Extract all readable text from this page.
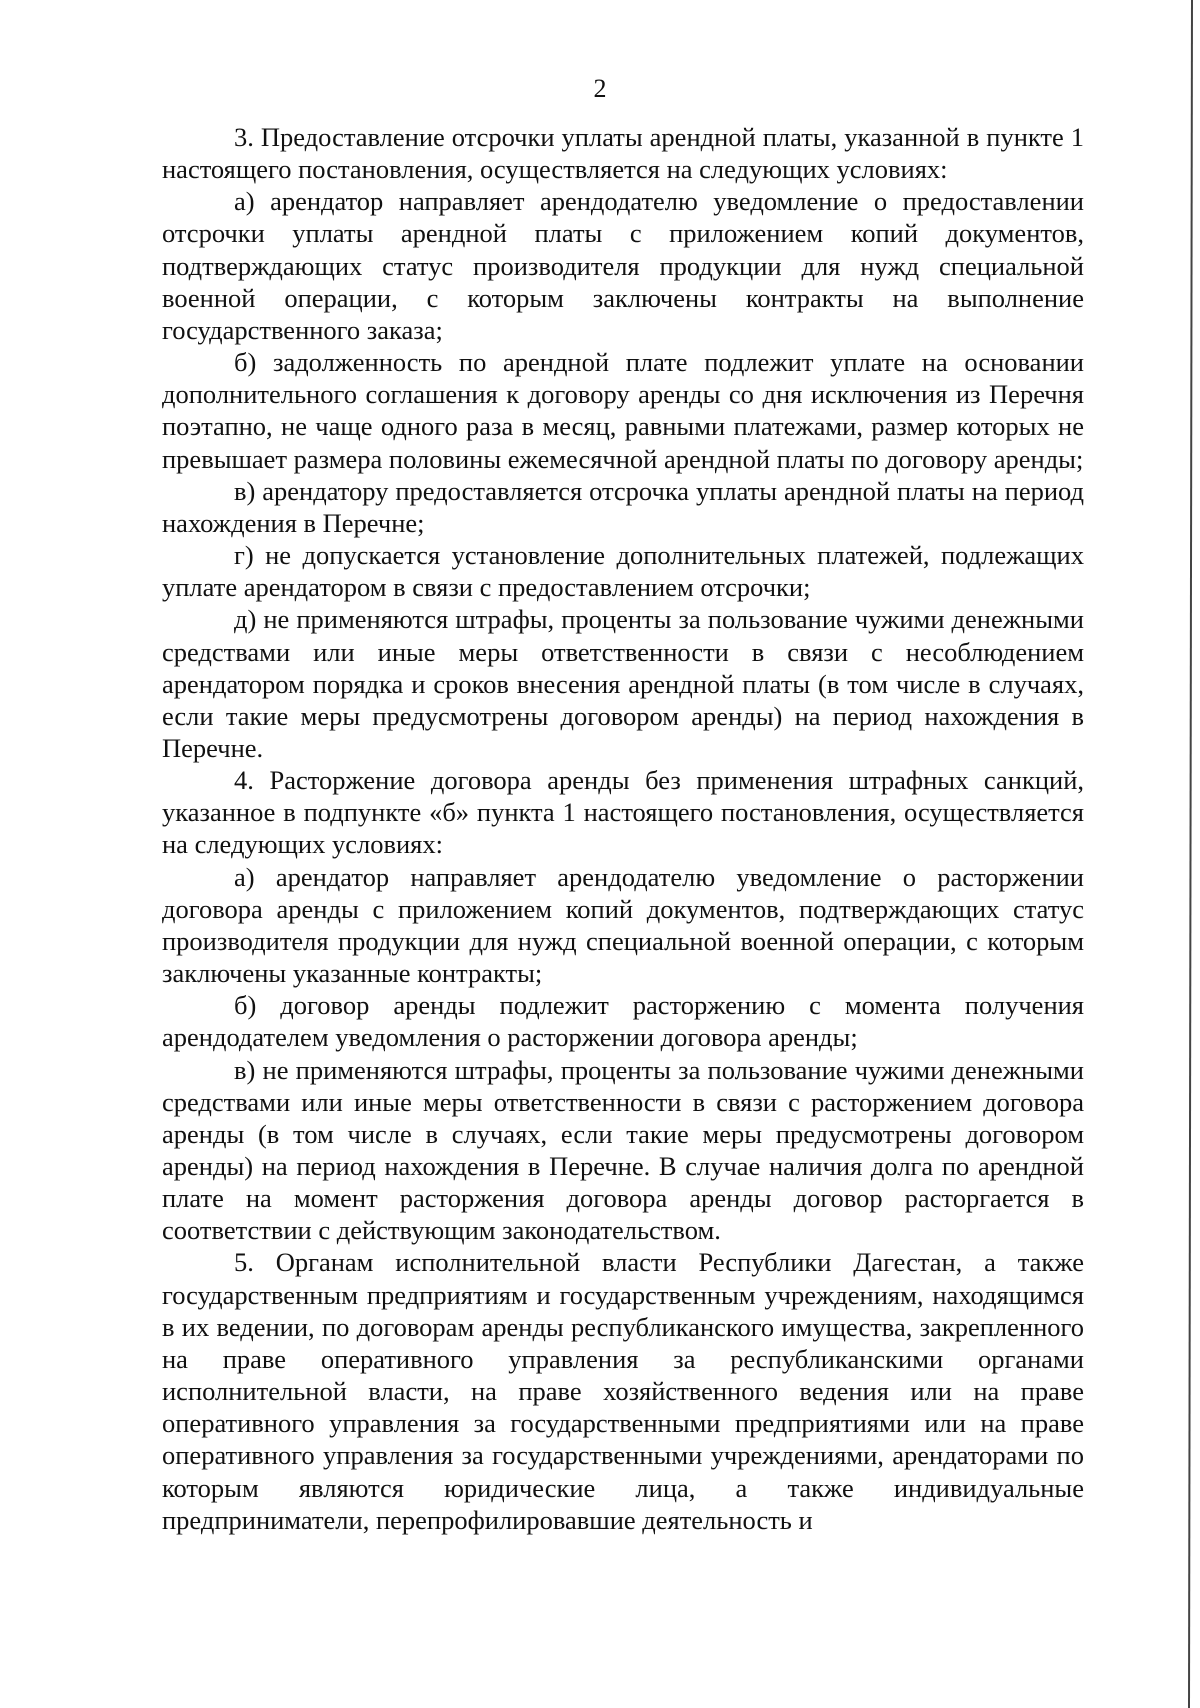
2

3. Предоставление отсрочки уплаты арендной платы, указанной в пункте 1 настоящего постановления, осуществляется на следующих условиях:

а) арендатор направляет арендодателю уведомление о предоставлении отсрочки уплаты арендной платы с приложением копий документов, подтверждающих статус производителя продукции для нужд специальной военной операции, с которым заключены контракты на выполнение государственного заказа;

б) задолженность по арендной плате подлежит уплате на основании дополнительного соглашения к договору аренды со дня исключения из Перечня поэтапно, не чаще одного раза в месяц, равными платежами, размер которых не превышает размера половины ежемесячной арендной платы по договору аренды;

в) арендатору предоставляется отсрочка уплаты арендной платы на период нахождения в Перечне;

г) не допускается установление дополнительных платежей, подлежащих уплате арендатором в связи с предоставлением отсрочки;

д) не применяются штрафы, проценты за пользование чужими денежными средствами или иные меры ответственности в связи с несоблюдением арендатором порядка и сроков внесения арендной платы (в том числе в случаях, если такие меры предусмотрены договором аренды) на период нахождения в Перечне.

4. Расторжение договора аренды без применения штрафных санкций, указанное в подпункте «б» пункта 1 настоящего постановления, осуществляется на следующих условиях:

а) арендатор направляет арендодателю уведомление о расторжении договора аренды с приложением копий документов, подтверждающих статус производителя продукции для нужд специальной военной операции, с которым заключены указанные контракты;

б) договор аренды подлежит расторжению с момента получения арендодателем уведомления о расторжении договора аренды;

в) не применяются штрафы, проценты за пользование чужими денежными средствами или иные меры ответственности в связи с расторжением договора аренды (в том числе в случаях, если такие меры предусмотрены договором аренды) на период нахождения в Перечне. В случае наличия долга по арендной плате на момент расторжения договора аренды договор расторгается в соответствии с действующим законодательством.

5. Органам исполнительной власти Республики Дагестан, а также государственным предприятиям и государственным учреждениям, находящимся в их ведении, по договорам аренды республиканского имущества, закрепленного на праве оперативного управления за республиканскими органами исполнительной власти, на праве хозяйственного ведения или на праве оперативного управления за государственными предприятиями или на праве оперативного управления за государственными учреждениями, арендаторами по которым являются юридические лица, а также индивидуальные предприниматели, перепрофилировавшие деятельность и
